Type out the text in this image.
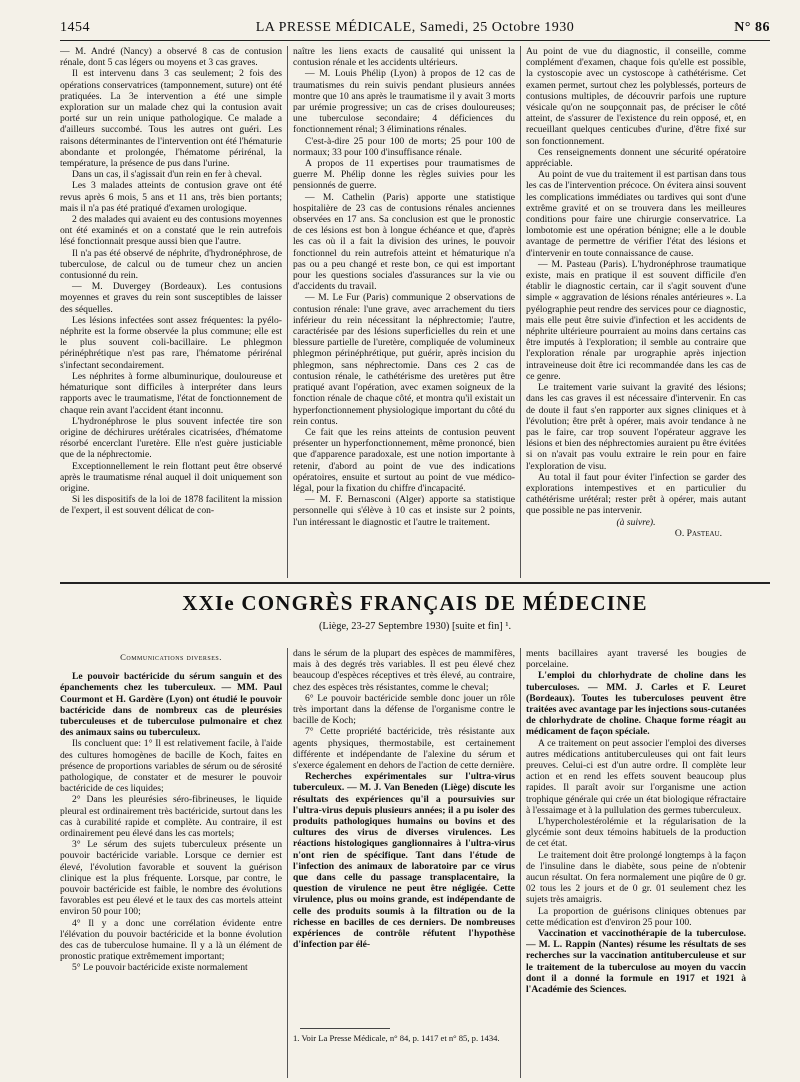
1454	LA PRESSE MÉDICALE, Samedi, 25 Octobre 1930	N° 86

— M. André (Nancy) a observé 8 cas de contusion rénale, dont 5 cas légers ou moyens et 3 cas graves.

Il est intervenu dans 3 cas seulement; 2 fois des opérations conservatrices (tamponnement, suture) ont été pratiquées. La 3e intervention a été une simple exploration sur un malade chez qui la contusion avait porté sur un rein unique pathologique. Ce malade a d'ailleurs succombé. Tous les autres ont guéri. Les raisons déterminantes de l'intervention ont été l'hématurie abondante et prolongée, l'hématome périrénal, la température, la présence de pus dans l'urine.

Dans un cas, il s'agissait d'un rein en fer à cheval.

Les 3 malades atteints de contusion grave ont été revus après 6 mois, 5 ans et 11 ans, très bien portants; mais il n'a pas été pratiqué d'examen urologique.

2 des malades qui avaient eu des contusions moyennes ont été examinés et on a constaté que le rein autrefois lésé fonctionnait presque aussi bien que l'autre.

Il n'a pas été observé de néphrite, d'hydronéphrose, de tuberculose, de calcul ou de tumeur chez un ancien contusionné du rein.

— M. Duvergey (Bordeaux). Les contusions moyennes et graves du rein sont susceptibles de laisser des séquelles.

Les lésions infectées sont assez fréquentes: la pyélo-néphrite est la forme observée la plus commune; elle est le plus souvent coli-bacillaire. Le phlegmon périnéphrétique n'est pas rare, l'hématome périrénal s'infectant secondairement.

Les néphrites à forme albuminurique, douloureuse et hématurique sont difficiles à interpréter dans leurs rapports avec le traumatisme, l'état de fonctionnement de chaque rein avant l'accident étant inconnu.

L'hydronéphrose le plus souvent infectée tire son origine de déchirures urétérales cicatrisées, d'hématome résorbé encerclant l'uretère. Elle n'est guère justiciable que de la néphrectomie.

Exceptionnellement le rein flottant peut être observé après le traumatisme rénal auquel il doit uniquement son origine.

Si les dispositifs de la loi de 1878 facilitent la mission de l'expert, il est souvent délicat de con-

naître les liens exacts de causalité qui unissent la contusion rénale et les accidents ultérieurs.

— M. Louis Phélip (Lyon) à propos de 12 cas de traumatismes du rein suivis pendant plusieurs années montre que 10 ans après le traumatisme il y avait 3 morts par urémie progressive; un cas de crises douloureuses; une tuberculose secondaire; 4 déficiences du fonctionnement rénal; 3 éliminations rénales.

C'est-à-dire 25 pour 100 de morts; 25 pour 100 de normaux; 33 pour 100 d'insuffisance rénale.

A propos de 11 expertises pour traumatismes de guerre M. Phélip donne les règles suivies pour les pensionnés de guerre.

— M. Cathelin (Paris) apporte une statistique hospitalière de 23 cas de contusions rénales anciennes observées en 17 ans. Sa conclusion est que le pronostic de ces lésions est bon à longue échéance et que, d'après les cas où il a fait la division des urines, le pouvoir fonctionnel du rein autrefois atteint et hématurique n'a pas ou a peu changé et reste bon, ce qui est important pour les questions sociales d'assurances sur la vie ou d'accidents du travail.

— M. Le Fur (Paris) communique 2 observations de contusion rénale: l'une grave, avec arrachement du tiers inférieur du rein nécessitant la néphrectomie; l'autre, caractérisée par des lésions superficielles du rein et une blessure partielle de l'uretère, compliquée de volumineux phlegmon périnéphrétique, put guérir, après incision du phlegmon, sans néphrectomie. Dans ces 2 cas de contusion rénale, le cathétérisme des uretères put être pratiqué avant l'opération, avec examen soigneux de la fonction rénale de chaque côté, et montra qu'il existait un hyperfonctionnement physiologique important du côté du rein contus.

Ce fait que les reins atteints de contusion peuvent présenter un hyperfonctionnement, même prononcé, bien que d'apparence paradoxale, est une notion importante à retenir, d'abord au point de vue des indications opératoires, ensuite et surtout au point de vue médico-légal, pour la fixation du chiffre d'incapacité.

— M. F. Bernasconi (Alger) apporte sa statistique personnelle qui s'élève à 10 cas et insiste sur 2 points, l'un intéressant le diagnostic et l'autre le traitement.

Au point de vue du diagnostic, il conseille, comme complément d'examen, chaque fois qu'elle est possible, la cystoscopie avec un cystoscope à cathétérisme. Cet examen permet, surtout chez les polyblessés, porteurs de contusions multiples, de découvrir parfois une rupture vésicale qu'on ne soupçonnait pas, de préciser le côté atteint, de s'assurer de l'existence du rein opposé, et, en recueillant quelques centicubes d'urine, d'être fixé sur son fonctionnement.

Ces renseignements donnent une sécurité opératoire appréciable.

Au point de vue du traitement il est partisan dans tous les cas de l'intervention précoce. On évitera ainsi souvent les complications immédiates ou tardives qui sont d'une extrême gravité et on se trouvera dans les meilleures conditions pour faire une chirurgie conservatrice. La lombotomie est une opération bénigne; elle a le double avantage de permettre de vérifier l'état des lésions et d'intervenir en toute connaissance de cause.

— M. Pasteau (Paris). L'hydronéphrose traumatique existe, mais en pratique il est souvent difficile d'en établir le diagnostic certain, car il s'agit souvent d'une simple « aggravation de lésions rénales antérieures ». La pyélographie peut rendre des services pour ce diagnostic, mais elle peut être suivie d'infection et les accidents de néphrite ultérieure pourraient au moins dans certains cas être imputés à l'exploration; il semble au contraire que l'exploration rénale par urographie après injection intraveineuse doit être ici recommandée dans les cas de ce genre.

Le traitement varie suivant la gravité des lésions; dans les cas graves il est nécessaire d'intervenir. En cas de doute il faut s'en rapporter aux signes cliniques et à l'évolution; être prêt à opérer, mais avoir tendance à ne pas le faire, car trop souvent l'opérateur aggrave les lésions et bien des néphrectomies auraient pu être évitées si on n'avait pas voulu extraire le rein pour en faire l'exploration de visu.

Au total il faut pour éviter l'infection se garder des explorations intempestives et en particulier du cathétérisme urétéral; rester prêt à opérer, mais autant que possible ne pas intervenir.

(à suivre).

O. Pasteau.

XXIe CONGRÈS FRANÇAIS DE MÉDECINE
(Liège, 23-27 Septembre 1930) [suite et fin] ¹.

Communications diverses.

Le pouvoir bactéricide du sérum sanguin et des épanchements chez les tuberculeux. — MM. Paul Courmont et H. Gardère (Lyon) ont étudié le pouvoir bactéricide dans de nombreux cas de pleurésies tuberculeuses et de tuberculose pulmonaire et chez des animaux sains ou tuberculeux.

Ils concluent que: 1° Il est relativement facile, à l'aide des cultures homogènes de bacille de Koch, faites en présence de proportions variables de sérum ou de sérosité pathologique, de constater et de mesurer le pouvoir bactéricide de ces liquides;

2° Dans les pleurésies séro-fibrineuses, le liquide pleural est ordinairement très bactéricide, surtout dans les cas à curabilité rapide et complète. Au contraire, il est ordinairement peu élevé dans les cas mortels;

3° Le sérum des sujets tuberculeux présente un pouvoir bactéricide variable. Lorsque ce dernier est élevé, l'évolution favorable et souvent la guérison clinique est la plus fréquente. Lorsque, par contre, le pouvoir bactéricide est faible, le nombre des évolutions favorables est peu élevé et le taux des cas mortels atteint environ 50 pour 100;

4° Il y a donc une corrélation évidente entre l'élévation du pouvoir bactéricide et la bonne évolution des cas de tuberculose humaine. Il y a là un élément de pronostic pratique extrêmement important;

5° Le pouvoir bactéricide existe normalement

dans le sérum de la plupart des espèces de mammifères, mais à des degrés très variables. Il est peu élevé chez beaucoup d'espèces réceptives et très élevé, au contraire, chez des espèces très résistantes, comme le cheval;

6° Le pouvoir bactéricide semble donc jouer un rôle très important dans la défense de l'organisme contre le bacille de Koch;

7° Cette propriété bactéricide, très résistante aux agents physiques, thermostabile, est certainement différente et indépendante de l'alexine du sérum et s'exerce également en dehors de l'action de cette dernière.

Recherches expérimentales sur l'ultra-virus tuberculeux. — M. J. Van Beneden (Liège) discute les résultats des expériences qu'il a poursuivies sur l'ultra-virus depuis plusieurs années; il a pu isoler des produits pathologiques humains ou bovins et des cultures des virus de diverses virulences. Les réactions histologiques ganglionnaires à l'ultra-virus n'ont rien de spécifique. Tant dans l'étude de l'infection des animaux de laboratoire par ce virus que dans celle du passage transplacentaire, la question de virulence ne peut être négligée. Cette virulence, plus ou moins grande, est indépendante de celle des produits soumis à la filtration ou de la richesse en bacilles de ces derniers. De nombreuses expériences de contrôle réfutent l'hypothèse d'infection par élé-

1. Voir La Presse Médicale, n° 84, p. 1417 et n° 85, p. 1434.

ments bacillaires ayant traversé les bougies de porcelaine.

L'emploi du chlorhydrate de choline dans les tuberculoses. — MM. J. Carles et F. Leuret (Bordeaux). Toutes les tuberculoses peuvent être traitées avec avantage par les injections sous-cutanées de chlorhydrate de choline. Chaque forme réagit au médicament de façon spéciale.

A ce traitement on peut associer l'emploi des diverses autres médications antituberculeuses qui ont fait leurs preuves. Celui-ci est d'un autre ordre. Il complète leur action et en rend les effets souvent beaucoup plus rapides. Il paraît avoir sur l'organisme une action trophique générale qui crée un état biologique réfractaire à l'essaimage et à la pullulation des germes tuberculeux.

L'hypercholestérolémie et la régularisation de la glycémie sont deux témoins habituels de la production de cet état.

Le traitement doit être prolongé longtemps à la façon de l'insuline dans le diabète, sous peine de n'obtenir aucun résultat. On fera normalement une piqûre de 0 gr. 02 tous les 2 jours et de 0 gr. 01 seulement chez les sujets très amaigris.

La proportion de guérisons cliniques obtenues par cette médication est d'environ 25 pour 100.

Vaccination et vaccinothérapie de la tuberculose. — M. L. Rappin (Nantes) résume les résultats de ses recherches sur la vaccination antituberculeuse et sur le traitement de la tuberculose au moyen du vaccin dont il a donné la formule en 1917 et 1921 à l'Académie des Sciences.
